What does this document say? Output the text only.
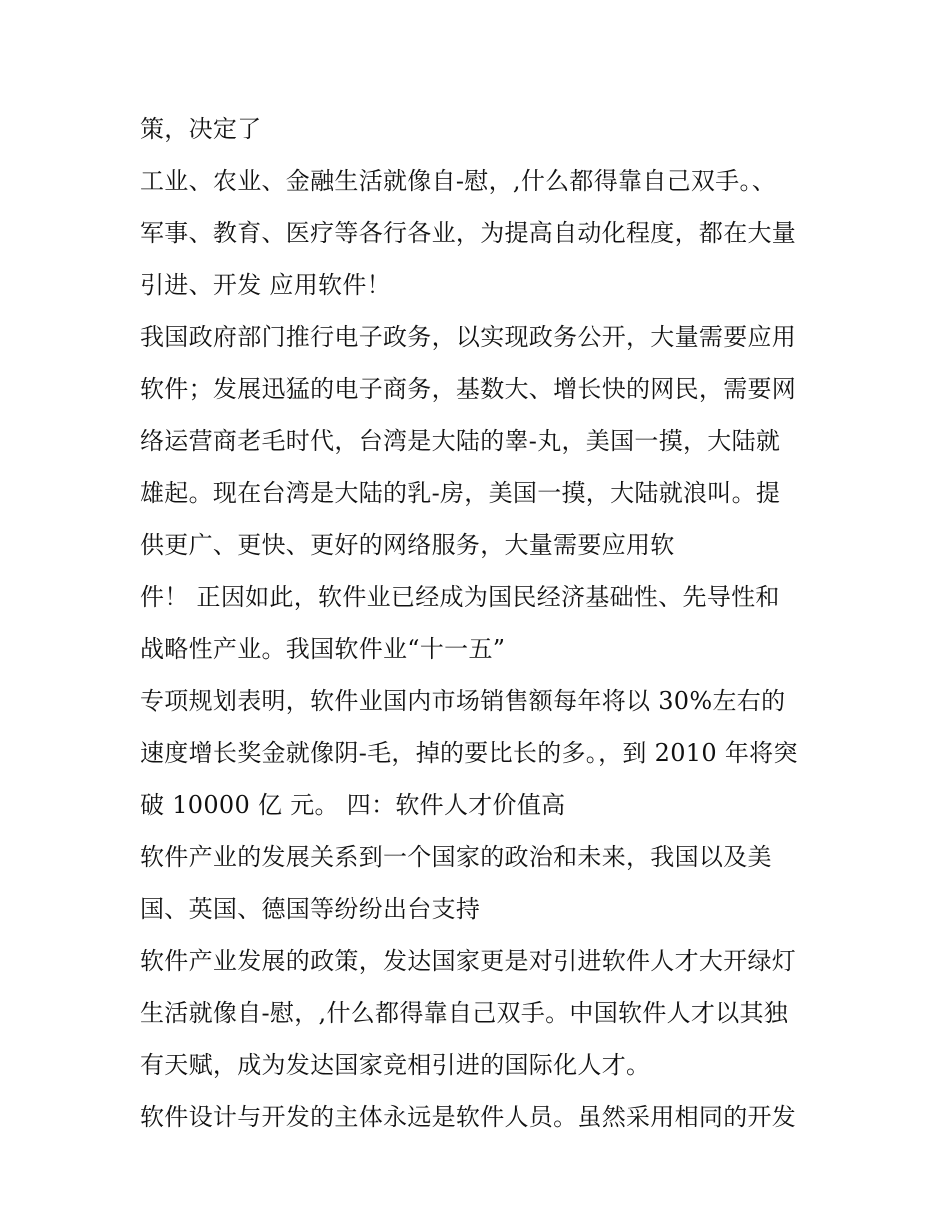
策，决定了
工业、农业、金融生活就像自-慰，,什么都得靠自己双手。、
军事、教育、医疗等各行各业，为提高自动化程度，都在大量
引进、开发 应用软件！
我国政府部门推行电子政务，以实现政务公开，大量需要应用
软件；发展迅猛的电子商务，基数大、增长快的网民，需要网
络运营商老毛时代，台湾是大陆的睾-丸，美国一摸，大陆就
雄起。现在台湾是大陆的乳-房，美国一摸，大陆就浪叫。提
供更广、更快、更好的网络服务，大量需要应用软
件！ 正因如此，软件业已经成为国民经济基础性、先导性和
战略性产业。我国软件业“十一五”
专项规划表明，软件业国内市场销售额每年将以 30%左右的
速度增长奖金就像阴-毛，掉的要比长的多。，到 2010 年将突
破 10000 亿 元。 四：软件人才价值高
软件产业的发展关系到一个国家的政治和未来，我国以及美
国、英国、德国等纷纷出台支持
软件产业发展的政策，发达国家更是对引进软件人才大开绿灯
生活就像自-慰，,什么都得靠自己双手。中国软件人才以其独
有天赋，成为发达国家竞相引进的国际化人才。
软件设计与开发的主体永远是软件人员。虽然采用相同的开发
